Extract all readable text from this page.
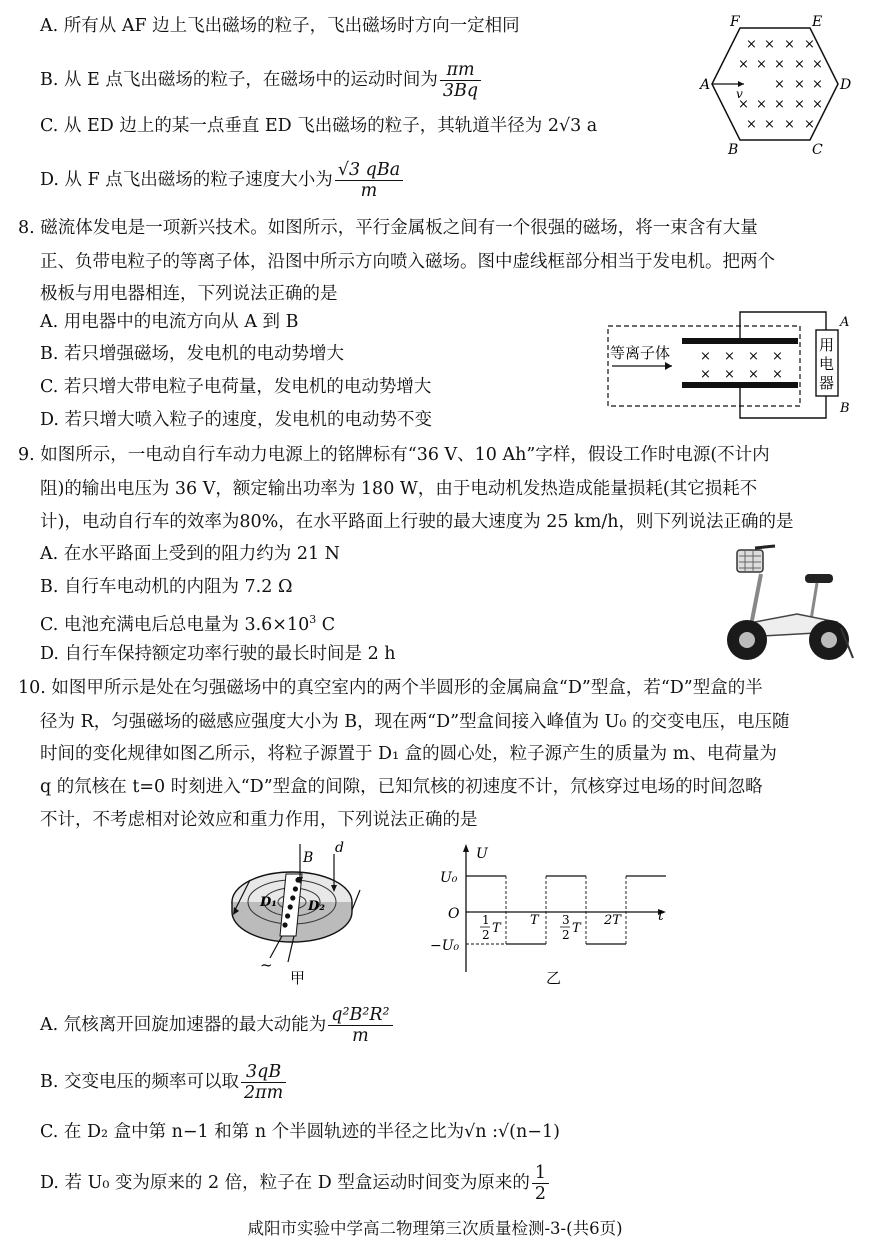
A. 所有从 AF 边上飞出磁场的粒子，飞出磁场时方向一定相同
B. 从 E 点飞出磁场的粒子，在磁场中的运动时间为 $\frac{\pi m}{3Bq}$
C. 从 ED 边上的某一点垂直 ED 飞出磁场的粒子，其轨道半径为 2√3 a
D. 从 F 点飞出磁场的粒子速度大小为 $\frac{\text{√3 qBa}}{m}$
F	E
A	D
B	C
× × × ×
× × × × ×
× × ×
× × × × ×
× × × ×
v
8. 磁流体发电是一项新兴技术。如图所示，平行金属板之间有一个很强的磁场，将一束含有大量
正、负带电粒子的等离子体，沿图中所示方向喷入磁场。图中虚线框部分相当于发电机。把两个
极板与用电器相连，下列说法正确的是
A. 用电器中的电流方向从 A 到 B
B. 若只增强磁场，发电机的电动势增大
C. 若只增大带电粒子电荷量，发电机的电动势增大
D. 若只增大喷入粒子的速度，发电机的电动势不变
A
B
等离子体 ×
×
×
×
×
×
×
×
用
电
器
9. 如图所示，一电动自行车动力电源上的铭牌标有“36 V、10 Ah”字样，假设工作时电源(不计内
阻)的输出电压为 36 V，额定输出功率为 180 W，由于电动机发热造成能量损耗(其它损耗不
计)，电动自行车的效率为80%，在水平路面上行驶的最大速度为 25 km/h，则下列说法正确的是
A. 在水平路面上受到的阻力约为 21 N
B. 自行车电动机的内阻为 7.2 Ω
C. 电池充满电后总电量为 $3.6\times 10^3$ C
D. 自行车保持额定功率行驶的最长时间是 2 h
10. 如图甲所示是处在匀强磁场中的真空室内的两个半圆形的金属扁盒“D”型盒，若“D”型盒的半
径为 R，匀强磁场的磁感应强度大小为 B，现在两“D”型盒间接入峰值为 U₀ 的交变电压，电压随
时间的变化规律如图乙所示，将粒子源置于 D₁ 盒的圆心处，粒子源产生的质量为 m、电荷量为
q 的氘核在 t=0 时刻进入“D”型盒的间隙，已知氘核的初速度不计，氘核穿过电场的时间忽略
不计，不考虑相对论效应和重力作用，下列说法正确的是
B
d
D₁ D₂
~
甲
U
t
O
U₀
−U₀
1
2 T
T 3
2 T
2T
乙
A. 氘核离开回旋加速器的最大动能为 $\frac{\text{q²B²R²}}{m}$
B. 交变电压的频率可以取 $\frac{3qB}{2\pi m}$
C. 在 D₂ 盒中第 n−1 和第 n 个半圆轨迹的半径之比为√n :√(n−1)
D. 若 U₀ 变为原来的 2 倍，粒子在 D 型盒运动时间变为原来的 $\frac{1}{2}$
咸阳市实验中学高二物理第三次质量检测-3-(共6页)
